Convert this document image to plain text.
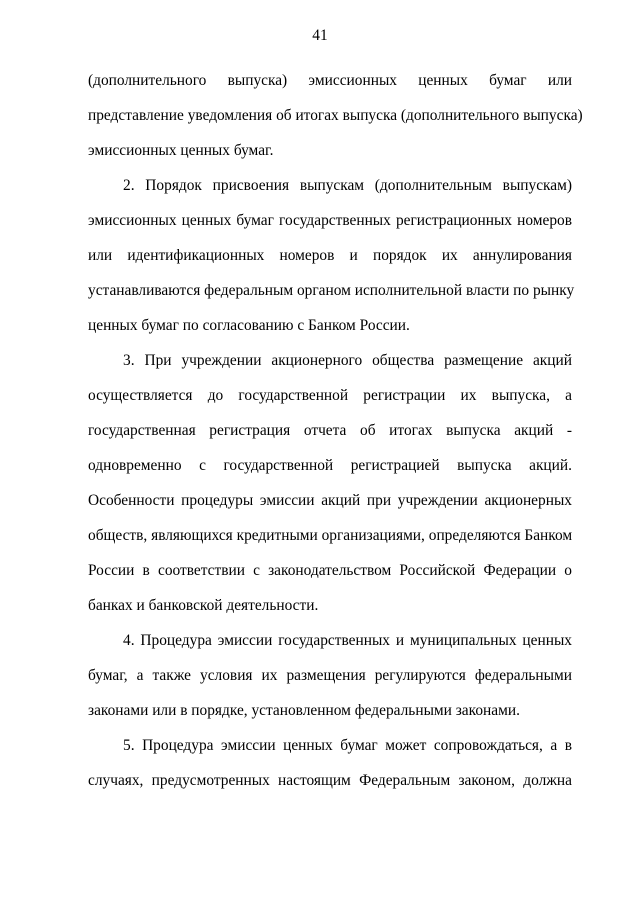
41
(дополнительного выпуска) эмиссионных ценных бумаг или
представление уведомления об итогах выпуска (дополнительного выпуска)
эмиссионных ценных бумаг.
2. Порядок присвоения выпускам (дополнительным выпускам)
эмиссионных ценных бумаг государственных регистрационных номеров
или идентификационных номеров и порядок их аннулирования
устанавливаются федеральным органом исполнительной власти по рынку
ценных бумаг по согласованию с Банком России.
3. При учреждении акционерного общества размещение акций
осуществляется до государственной регистрации их выпуска, а
государственная регистрация отчета об итогах выпуска акций -
одновременно с государственной регистрацией выпуска акций.
Особенности процедуры эмиссии акций при учреждении акционерных
обществ, являющихся кредитными организациями, определяются Банком
России в соответствии с законодательством Российской Федерации о
банках и банковской деятельности.
4. Процедура эмиссии государственных и муниципальных ценных
бумаг, а также условия их размещения регулируются федеральными
законами или в порядке, установленном федеральными законами.
5. Процедура эмиссии ценных бумаг может сопровождаться, а в
случаях, предусмотренных настоящим Федеральным законом, должна
